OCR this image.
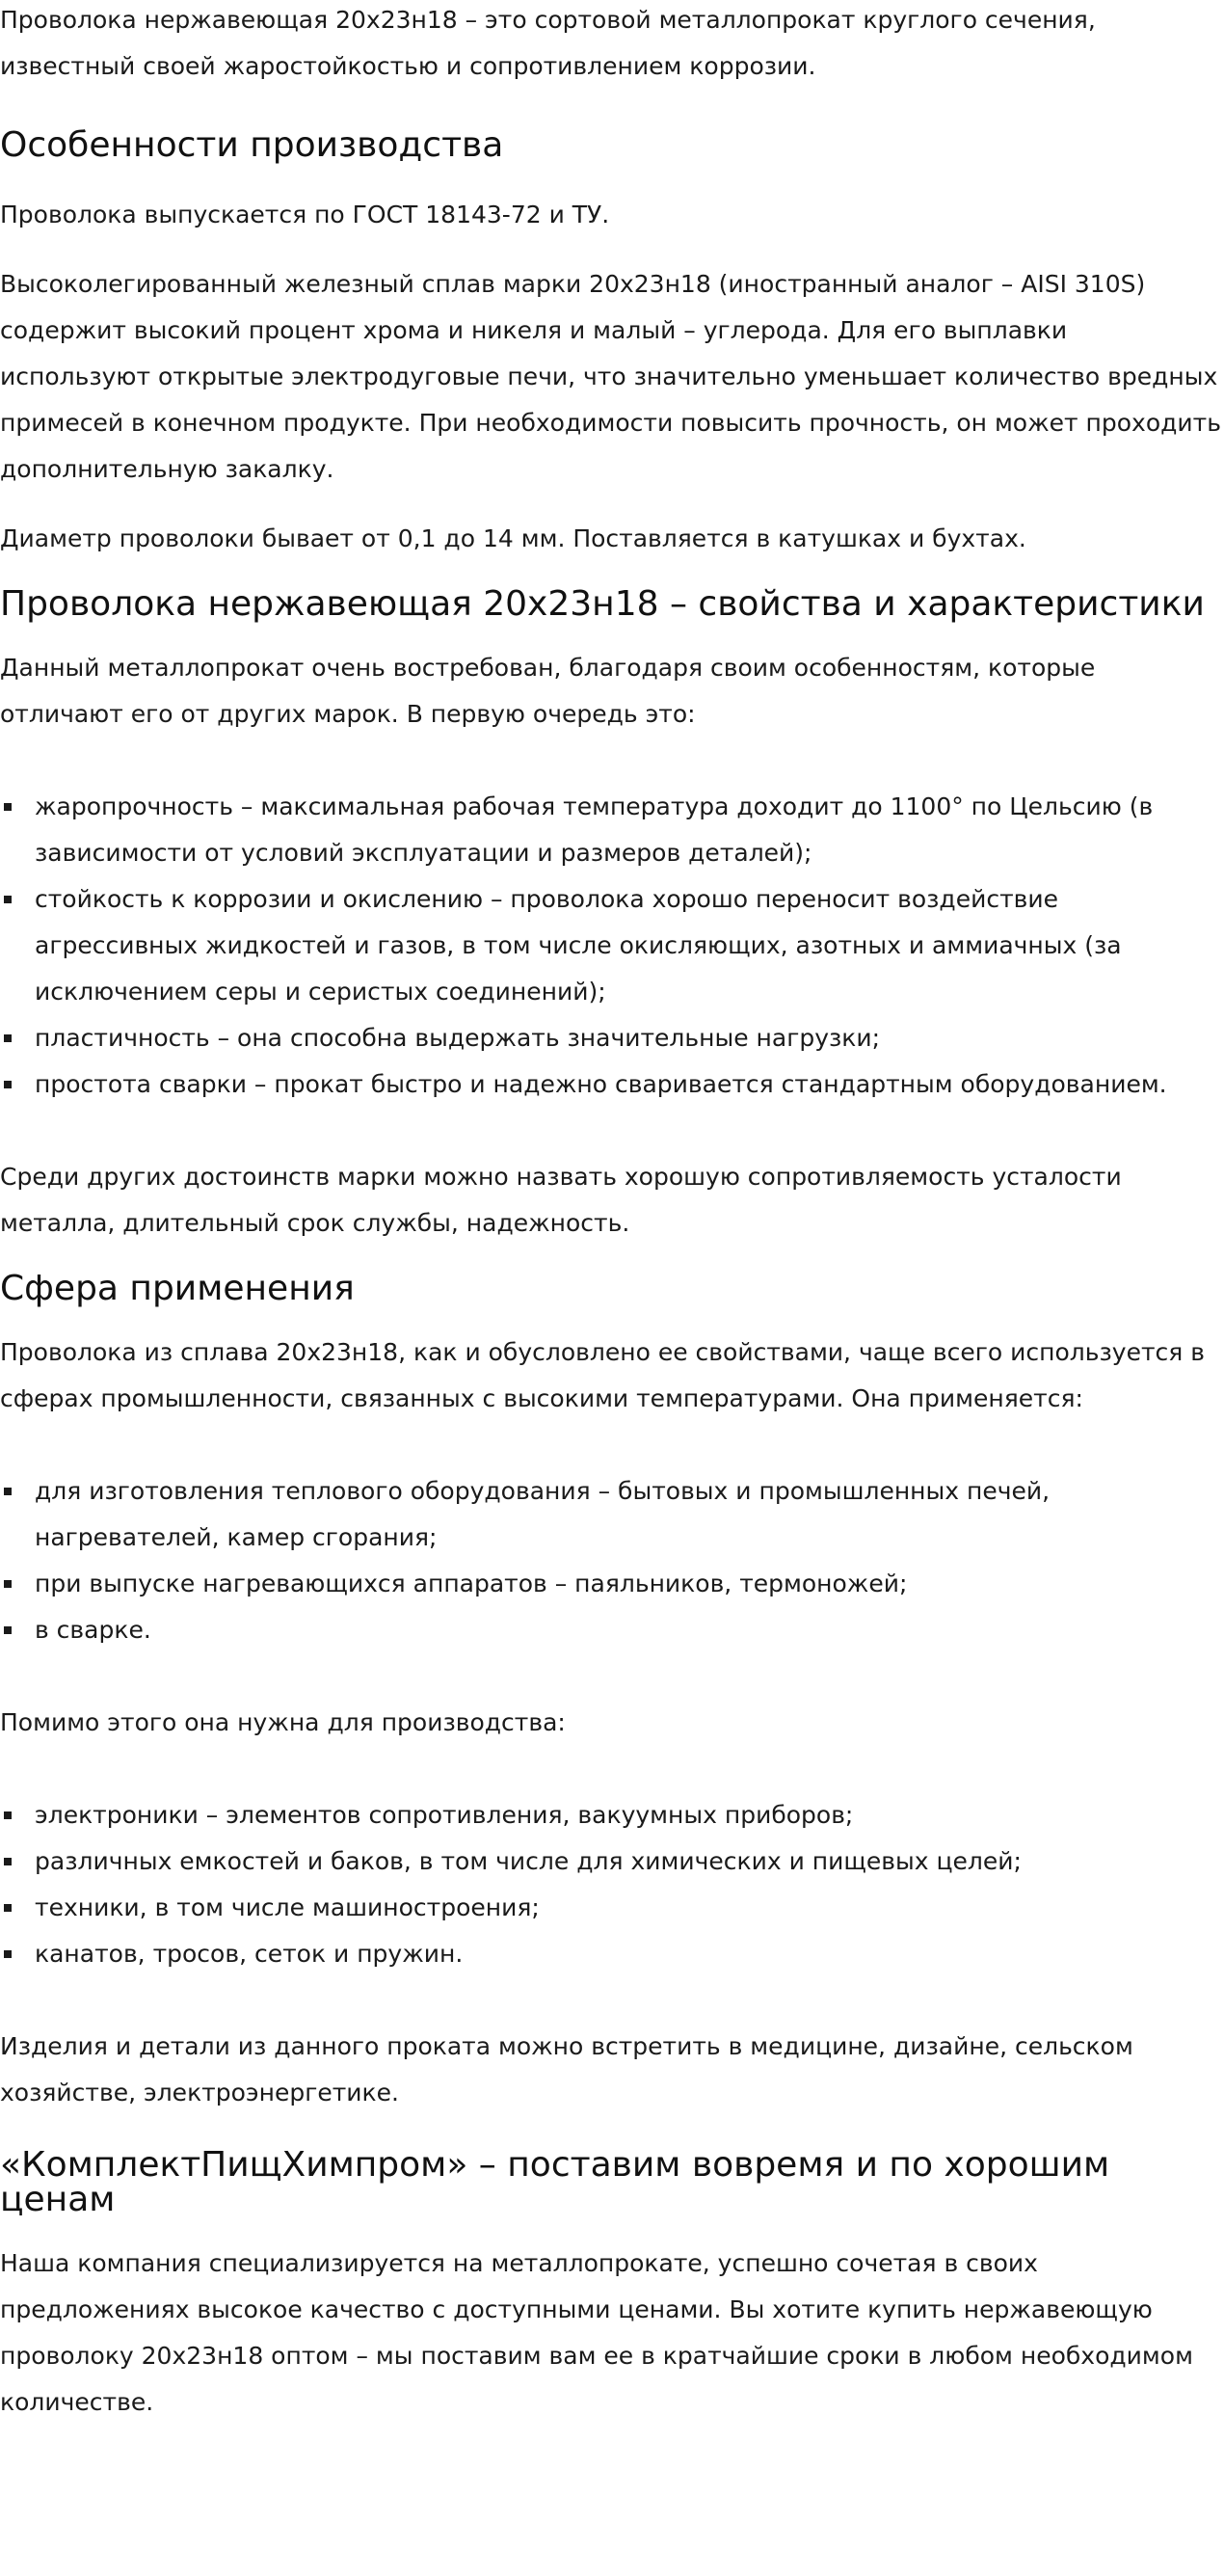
Проволока нержавеющая 20х23н18 – это сортовой металлопрокат круглого сечения, известный своей жаростойкостью и сопротивлением коррозии.

Особенности производства

Проволока выпускается по ГОСТ 18143-72 и ТУ.

Высоколегированный железный сплав марки 20х23н18 (иностранный аналог – AISI 310S) содержит высокий процент хрома и никеля и малый – углерода. Для его выплавки используют открытые электродуговые печи, что значительно уменьшает количество вредных примесей в конечном продукте. При необходимости повысить прочность, он может проходить дополнительную закалку.

Диаметр проволоки бывает от 0,1 до 14 мм. Поставляется в катушках и бухтах.

Проволока нержавеющая 20х23н18 – свойства и характеристики

Данный металлопрокат очень востребован, благодаря своим особенностям, которые отличают его от других марок. В первую очередь это:

жаропрочность – максимальная рабочая температура доходит до 1100° по Цельсию (в зависимости от условий эксплуатации и размеров деталей);
стойкость к коррозии и окислению – проволока хорошо переносит воздействие агрессивных жидкостей и газов, в том числе окисляющих, азотных и аммиачных (за исключением серы и серистых соединений);
пластичность – она способна выдержать значительные нагрузки;
простота сварки – прокат быстро и надежно сваривается стандартным оборудованием.

Среди других достоинств марки можно назвать хорошую сопротивляемость усталости металла, длительный срок службы, надежность.

Сфера применения

Проволока из сплава 20х23н18, как и обусловлено ее свойствами, чаще всего используется в сферах промышленности, связанных с высокими температурами. Она применяется:

для изготовления теплового оборудования – бытовых и промышленных печей, нагревателей, камер сгорания;
при выпуске нагревающихся аппаратов – паяльников, термоножей;
в сварке.

Помимо этого она нужна для производства:

электроники – элементов сопротивления, вакуумных приборов;
различных емкостей и баков, в том числе для химических и пищевых целей;
техники, в том числе машиностроения;
канатов, тросов, сеток и пружин.

Изделия и детали из данного проката можно встретить в медицине, дизайне, сельском хозяйстве, электроэнергетике.

«КомплектПищХимпром» – поставим вовремя и по хорошим ценам

Наша компания специализируется на металлопрокате, успешно сочетая в своих предложениях высокое качество с доступными ценами. Вы хотите купить нержавеющую проволоку 20х23н18 оптом – мы поставим вам ее в кратчайшие сроки в любом необходимом количестве.
